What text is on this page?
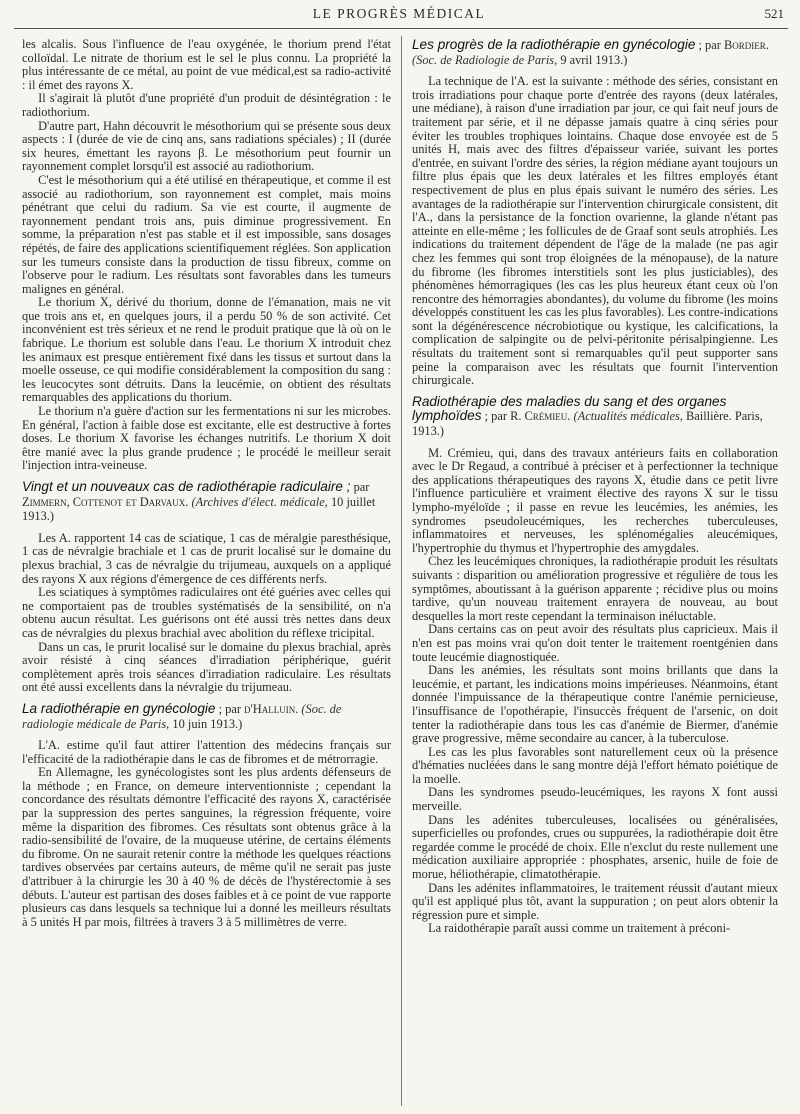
LE PROGRÈS MÉDICAL	521

les alcalis. Sous l'influence de l'eau oxygénée, le thorium prend l'état colloïdal. Le nitrate de thorium est le sel le plus connu. La propriété la plus intéressante de ce métal, au point de vue médical,est sa radio-activité : il émet des rayons X.

Il s'agirait là plutôt d'une propriété d'un produit de désintégration : le radiothorium.

D'autre part, Hahn découvrit le mésothorium qui se présente sous deux aspects : I (durée de vie de cinq ans, sans radiations spéciales) ; II (durée six heures, émettant les rayons β. Le mésothorium peut fournir un rayonnement complet lorsqu'il est associé au radiothorium.

C'est le mésothorium qui a été utilisé en thérapeutique, et comme il est associé au radiothorium, son rayonnement est complet, mais moins pénétrant que celui du radium. Sa vie est courte, il augmente de rayonnement pendant trois ans, puis diminue progressivement. En somme, la préparation n'est pas stable et il est impossible, sans dosages répétés, de faire des applications scientifiquement réglées. Son application sur les tumeurs consiste dans la production de tissu fibreux, comme on l'observe pour le radium. Les résultats sont favorables dans les tumeurs malignes en général.

Le thorium X, dérivé du thorium, donne de l'émanation, mais ne vit que trois ans et, en quelques jours, il a perdu 50 % de son activité. Cet inconvénient est très sérieux et ne rend le produit pratique que là où on le fabrique. Le thorium est soluble dans l'eau. Le thorium X introduit chez les animaux est presque entièrement fixé dans les tissus et surtout dans la moelle osseuse, ce qui modifie considérablement la composition du sang : les leucocytes sont détruits. Dans la leucémie, on obtient des résultats remarquables des applications du thorium.

Le thorium n'a guère d'action sur les fermentations ni sur les microbes. En général, l'action à faible dose est excitante, elle est destructive à fortes doses. Le thorium X favorise les échanges nutritifs. Le thorium X doit être manié avec la plus grande prudence ; le procédé le meilleur serait l'injection intra-veineuse.

Vingt et un nouveaux cas de radiothérapie radiculaire ; par Zimmern, Cottenot et Darvaux. (Archives d'élect. médicale, 10 juillet 1913.)

Les A. rapportent 14 cas de sciatique, 1 cas de méralgie paresthésique, 1 cas de névralgie brachiale et 1 cas de prurit localisé sur le domaine du plexus brachial, 3 cas de névralgie du trijumeau, auxquels on a appliqué des rayons X aux régions d'émergence de ces différents nerfs.

Les sciatiques à symptômes radiculaires ont été guéries avec celles qui ne comportaient pas de troubles systématisés de la sensibilité, on n'a obtenu aucun résultat. Les guérisons ont été aussi très nettes dans deux cas de névralgies du plexus brachial avec abolition du réflexe tricipital.

Dans un cas, le prurit localisé sur le domaine du plexus brachial, après avoir résisté à cinq séances d'irradiation périphérique, guérit complètement après trois séances d'irradiation radiculaire. Les résultats ont été aussi excellents dans la névralgie du trijumeau.

La radiothérapie en gynécologie ; par d'Halluin. (Soc. de radiologie médicale de Paris, 10 juin 1913.)

L'A. estime qu'il faut attirer l'attention des médecins français sur l'efficacité de la radiothérapie dans le cas de fibromes et de métrorragie.

En Allemagne, les gynécologistes sont les plus ardents défenseurs de la méthode ; en France, on demeure interventionniste ; cependant la concordance des résultats démontre l'efficacité des rayons X, caractérisée par la suppression des pertes sanguines, la régression fréquente, voire même la disparition des fibromes. Ces résultats sont obtenus grâce à la radio-sensibilité de l'ovaire, de la muqueuse utérine, de certains éléments du fibrome. On ne saurait retenir contre la méthode les quelques réactions tardives observées par certains auteurs, de même qu'il ne serait pas juste d'attribuer à la chirurgie les 30 à 40 % de décès de l'hystérectomie à ses débuts. L'auteur est partisan des doses faibles et à ce point de vue rapporte plusieurs cas dans lesquels sa technique lui a donné les meilleurs résultats à 5 unités H par mois, filtrées à travers 3 à 5 millimètres de verre.

Les progrès de la radiothérapie en gynécologie ; par Bordier. (Soc. de Radiologie de Paris, 9 avril 1913.)

La technique de l'A. est la suivante : méthode des séries, consistant en trois irradiations pour chaque porte d'entrée des rayons (deux latérales, une médiane), à raison d'une irradiation par jour, ce qui fait neuf jours de traitement par série, et il ne dépasse jamais quatre à cinq séries pour éviter les troubles trophiques lointains. Chaque dose envoyée est de 5 unités H, mais avec des filtres d'épaisseur variée, suivant les portes d'entrée, en suivant l'ordre des séries, la région médiane ayant toujours un filtre plus épais que les deux latérales et les filtres employés étant respectivement de plus en plus épais suivant le numéro des séries. Les avantages de la radiothérapie sur l'intervention chirurgicale consistent, dit l'A., dans la persistance de la fonction ovarienne, la glande n'étant pas atteinte en elle-même ; les follicules de de Graaf sont seuls atrophiés. Les indications du traitement dépendent de l'âge de la malade (ne pas agir chez les femmes qui sont trop éloignées de la ménopause), de la nature du fibrome (les fibromes interstitiels sont les plus justiciables), des phénomènes hémorragiques (les cas les plus heureux étant ceux où l'on rencontre des hémorragies abondantes), du volume du fibrome (les moins développés constituent les cas les plus favorables). Les contre-indications sont la dégénérescence nécrobiotique ou kystique, les calcifications, la complication de salpingite ou de pelvi-péritonite périsalpingienne. Les résultats du traitement sont si remarquables qu'il peut supporter sans peine la comparaison avec les résultats que fournit l'intervention chirurgicale.

Radiothérapie des maladies du sang et des organes lymphoïdes ; par R. Crémieu. (Actualités médicales, Baillière. Paris, 1913.)

M. Crémieu, qui, dans des travaux antérieurs faits en collaboration avec le Dr Regaud, a contribué à préciser et à perfectionner la technique des applications thérapeutiques des rayons X, étudie dans ce petit livre l'influence particulière et vraiment élective des rayons X sur le tissu lympho-myéloïde ; il passe en revue les leucémies, les anémies, les syndromes pseudoleucémiques, les recherches tuberculeuses, inflammatoires et nerveuses, les splénomégalies aleucémiques, l'hypertrophie du thymus et l'hypertrophie des amygdales.

Chez les leucémiques chroniques, la radiothérapie produit les résultats suivants : disparition ou amélioration progressive et régulière de tous les symptômes, aboutissant à la guérison apparente ; récidive plus ou moins tardive, qu'un nouveau traitement enrayera de nouveau, au bout desquelles la mort reste cependant la terminaison inéluctable.

Dans certains cas on peut avoir des résultats plus capricieux. Mais il n'en est pas moins vrai qu'on doit tenter le traitement roentgénien dans toute leucémie diagnostiquée.

Dans les anémies, les résultats sont moins brillants que dans la leucémie, et partant, les indications moins impérieuses. Néanmoins, étant donnée l'impuissance de la thérapeutique contre l'anémie pernicieuse, l'insuffisance de l'opothérapie, l'insuccès fréquent de l'arsenic, on doit tenter la radiothérapie dans tous les cas d'anémie de Biermer, d'anémie grave progressive, même secondaire au cancer, à la tuberculose.

Les cas les plus favorables sont naturellement ceux où la présence d'hématies nucléées dans le sang montre déjà l'effort hémato poiétique de la moelle.

Dans les syndromes pseudo-leucémiques, les rayons X font aussi merveille.

Dans les adénites tuberculeuses, localisées ou généralisées, superficielles ou profondes, crues ou suppurées, la radiothérapie doit être regardée comme le procédé de choix. Elle n'exclut du reste nullement une médication auxiliaire appropriée : phosphates, arsenic, huile de foie de morue, héliothérapie, climatothérapie.

Dans les adénites inflammatoires, le traitement réussit d'autant mieux qu'il est appliqué plus tôt, avant la suppuration ; on peut alors obtenir la régression pure et simple.

La raidothérapie paraît aussi comme un traitement à préconi-
